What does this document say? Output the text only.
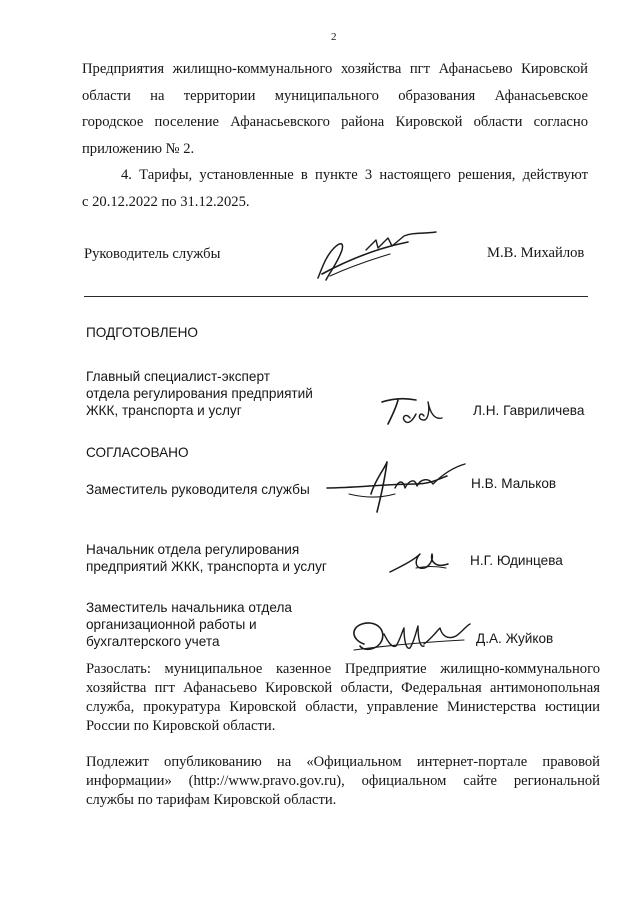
2
Предприятия жилищно-коммунального хозяйства пгт Афанасьево Кировской
области на территории муниципального образования Афанасьевское
городское поселение Афанасьевского района Кировской области согласно
приложению № 2.
4. Тарифы, установленные в пункте 3 настоящего решения, действуют
с 20.12.2022 по 31.12.2025.
Руководитель службы	М.В. Михайлов
ПОДГОТОВЛЕНО
Главный специалист-эксперт
отдела регулирования предприятий
ЖКК, транспорта и услуг	Л.Н. Гавриличева
СОГЛАСОВАНО
Заместитель руководителя службы	Н.В. Мальков
Начальник отдела регулирования
предприятий ЖКК, транспорта и услуг	Н.Г. Юдинцева
Заместитель начальника отдела
организационной работы и
бухгалтерского учета	Д.А. Жуйков
Разослать: муниципальное казенное Предприятие жилищно-коммунального
хозяйства пгт Афанасьево Кировской области, Федеральная антимонопольная
служба, прокуратура Кировской области, управление Министерства юстиции
России по Кировской области.
Подлежит опубликованию на «Официальном интернет-портале правовой
информации» (http://www.pravo.gov.ru), официальном сайте региональной
службы по тарифам Кировской области.
